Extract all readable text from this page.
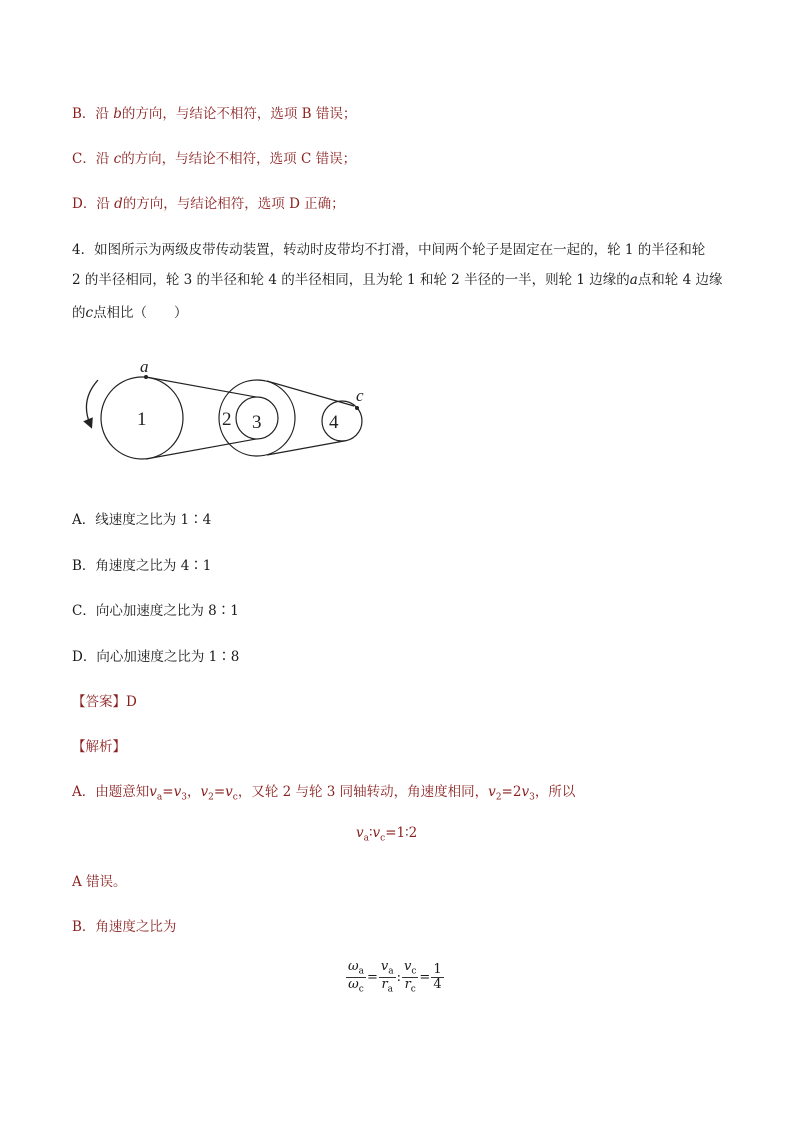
B．沿 b的方向，与结论不相符，选项 B 错误；
C．沿 c的方向，与结论不相符，选项 C 错误；
D．沿 d的方向，与结论相符，选项 D 正确；
4．如图所示为两级皮带传动装置，转动时皮带均不打滑，中间两个轮子是固定在一起的，轮 1 的半径和轮
2 的半径相同，轮 3 的半径和轮 4 的半径相同，且为轮 1 和轮 2 半径的一半，则轮 1 边缘的a点和轮 4 边缘
的c点相比（　　）
a
c
1	2 3	4
A．线速度之比为 1∶4
B．角速度之比为 4∶1
C．向心加速度之比为 8∶1
D．向心加速度之比为 1∶8
【答案】D
【解析】
A．由题意知$v_a=v_3$，$v_2=v_c$，又轮 2 与轮 3 同轴转动，角速度相同，$v_2=2v_3$，所以
$v_a∶v_c=1∶2$
A 错误。
B．角速度之比为
$\frac{\omega_a}{\omega_c} = \frac{v_a}{r_a}$ : $\frac{v_c}{r_c} = \frac{1}{4}$
